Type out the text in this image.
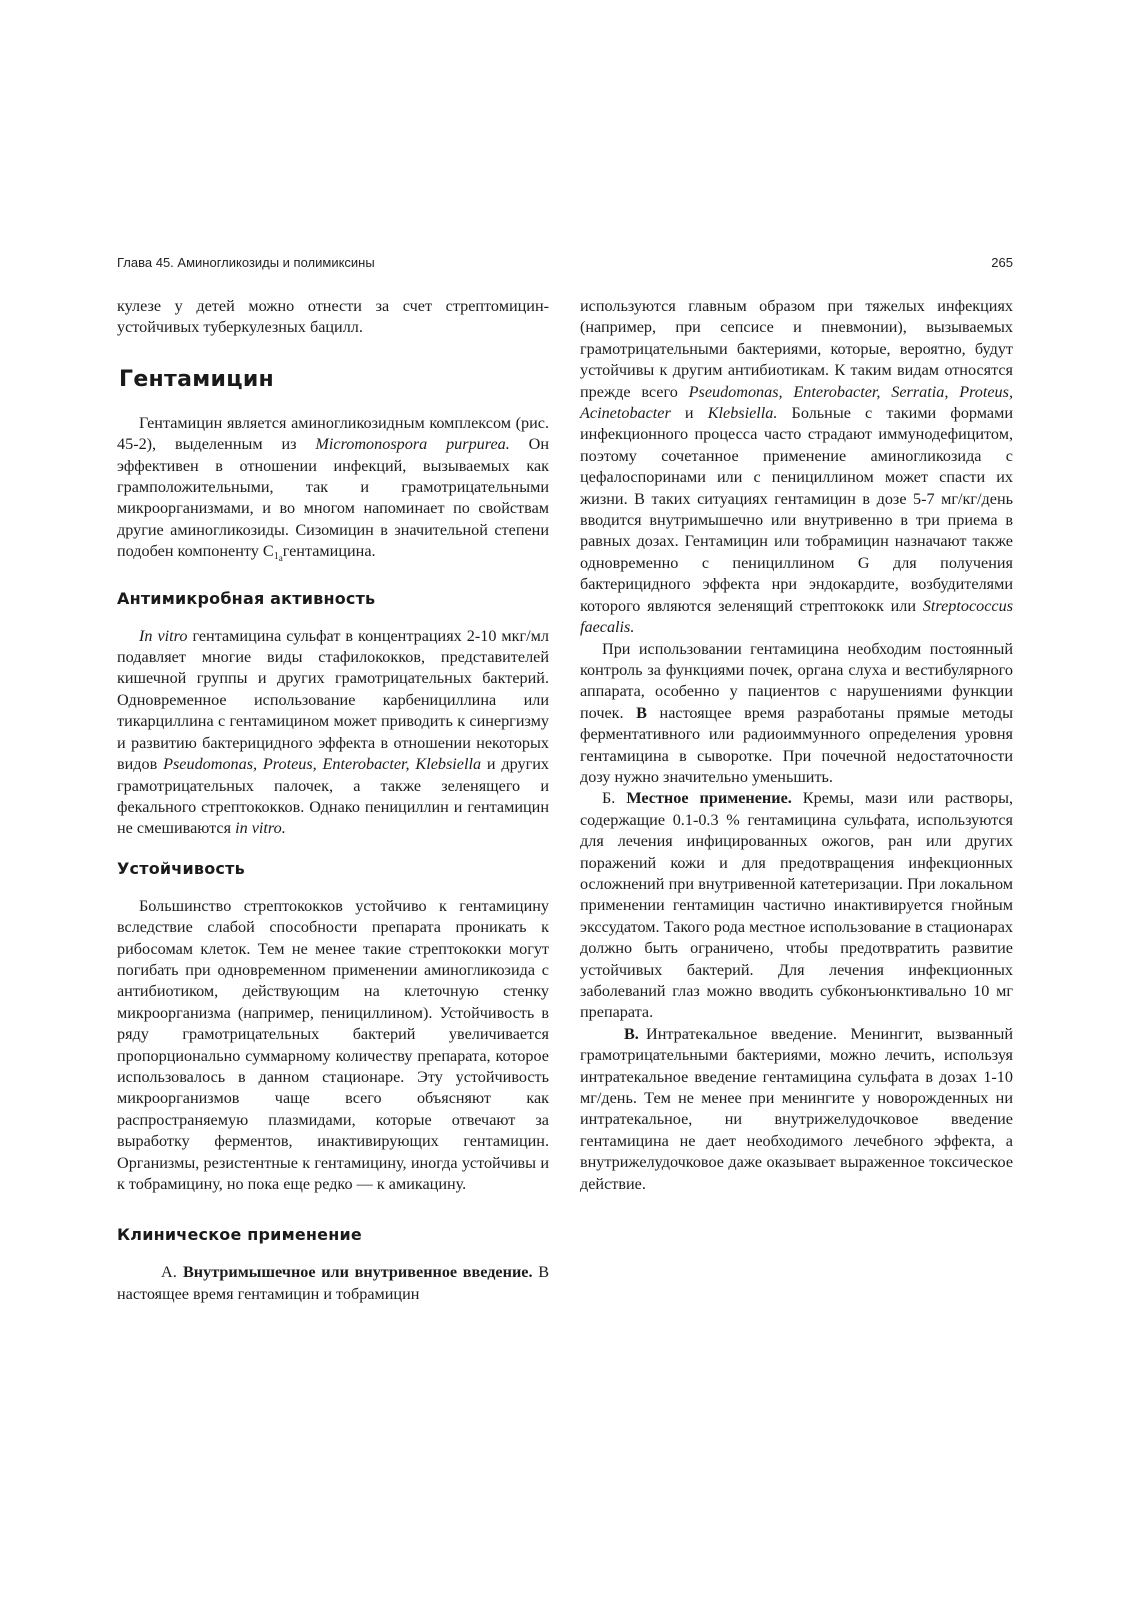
Глава 45. Аминогликозиды и полимиксины	265

кулезе у детей можно отнести за счет стрептомицин-устойчивых туберкулезных бацилл.

Гентамицин

Гентамицин является аминогликозидным комплексом (рис. 45-2), выделенным из Micromonospora purpurea. Он эффективен в отношении инфекций, вызываемых как грамположительными, так и грамотрицательными микроорганизмами, и во многом напоминает по свойствам другие аминогликозиды. Сизомицин в значительной степени подобен компоненту $С1_агентамицина$.

Антимикробная активность

In vitro гентамицина сульфат в концентрациях 2-10 мкг/мл подавляет многие виды стафилококков, представителей кишечной группы и других грамотрицательных бактерий. Одновременное использование карбенициллина или тикарциллина с гентамицином может приводить к синергизму и развитию бактерицидного эффекта в отношении некоторых видов Pseudomonas, Proteus, Enterobacter, Klebsiella и других грамотрицательных палочек, а также зеленящего и фекального стрептококков. Однако пенициллин и гентамицин не смешиваются in vitro.

Устойчивость

Большинство стрептококков устойчиво к гентамицину вследствие слабой способности препарата проникать к рибосомам клеток. Тем не менее такие стрептококки могут погибать при одновременном применении аминогликозида с антибиотиком, действующим на клеточную стенку микроорганизма (например, пенициллином). Устойчивость в ряду грамотрицательных бактерий увеличивается пропорционально суммарному количеству препарата, которое использовалось в данном стационаре. Эту устойчивость микроорганизмов чаще всего объясняют как распространяемую плазмидами, которые отвечают за выработку ферментов, инактивирующих гентамицин. Организмы, резистентные к гентамицину, иногда устойчивы и к тобрамицину, но пока еще редко — к амикацину.

Клиническое применение

А. Внутримышечное или внутривенное введение. В настоящее время гентамицин и тобрамицин

используются главным образом при тяжелых инфекциях (например, при сепсисе и пневмонии), вызываемых грамотрицательными бактериями, которые, вероятно, будут устойчивы к другим антибиотикам. К таким видам относятся прежде всего Pseudomonas, Enterobacter, Serratia, Proteus, Acinetobacter и Klebsiella. Больные с такими формами инфекционного процесса часто страдают иммунодефицитом, поэтому сочетанное применение аминогликозида с цефалоспоринами или с пенициллином может спасти их жизни. В таких ситуациях гентамицин в дозе 5-7 мг/кг/день вводится внутримышечно или внутривенно в три приема в равных дозах. Гентамицин или тобрамицин назначают также одновременно с пенициллином G для получения бактерицидного эффекта нри эндокардите, возбудителями которого являются зеленящий стрептококк или Streptococcus faecalis.

При использовании гентамицина необходим постоянный контроль за функциями почек, органа слуха и вестибулярного аппарата, особенно у пациентов с нарушениями функции почек. В настоящее время разработаны прямые методы ферментативного или радиоиммунного определения уровня гентамицина в сыворотке. При почечной недостаточности дозу нужно значительно уменьшить.

Б. Местное применение. Кремы, мази или растворы, содержащие 0.1-0.3 % гентамицина сульфата, используются для лечения инфицированных ожогов, ран или других поражений кожи и для предотвращения инфекционных осложнений при внутривенной катетеризации. При локальном применении гентамицин частично инактивируется гнойным экссудатом. Такого рода местное использование в стационарах должно быть ограничено, чтобы предотвратить развитие устойчивых бактерий. Для лечения инфекционных заболеваний глаз можно вводить субконъюнктивально 10 мг препарата.

В. Интратекальное введение. Менингит, вызванный грамотрицательными бактериями, можно лечить, используя интратекальное введение гентамицина сульфата в дозах 1-10 мг/день. Тем не менее при менингите у новорожденных ни интратекальное, ни внутрижелудочковое введение гентамицина не дает необходимого лечебного эффекта, а внутрижелудочковое даже оказывает выраженное токсическое действие.
